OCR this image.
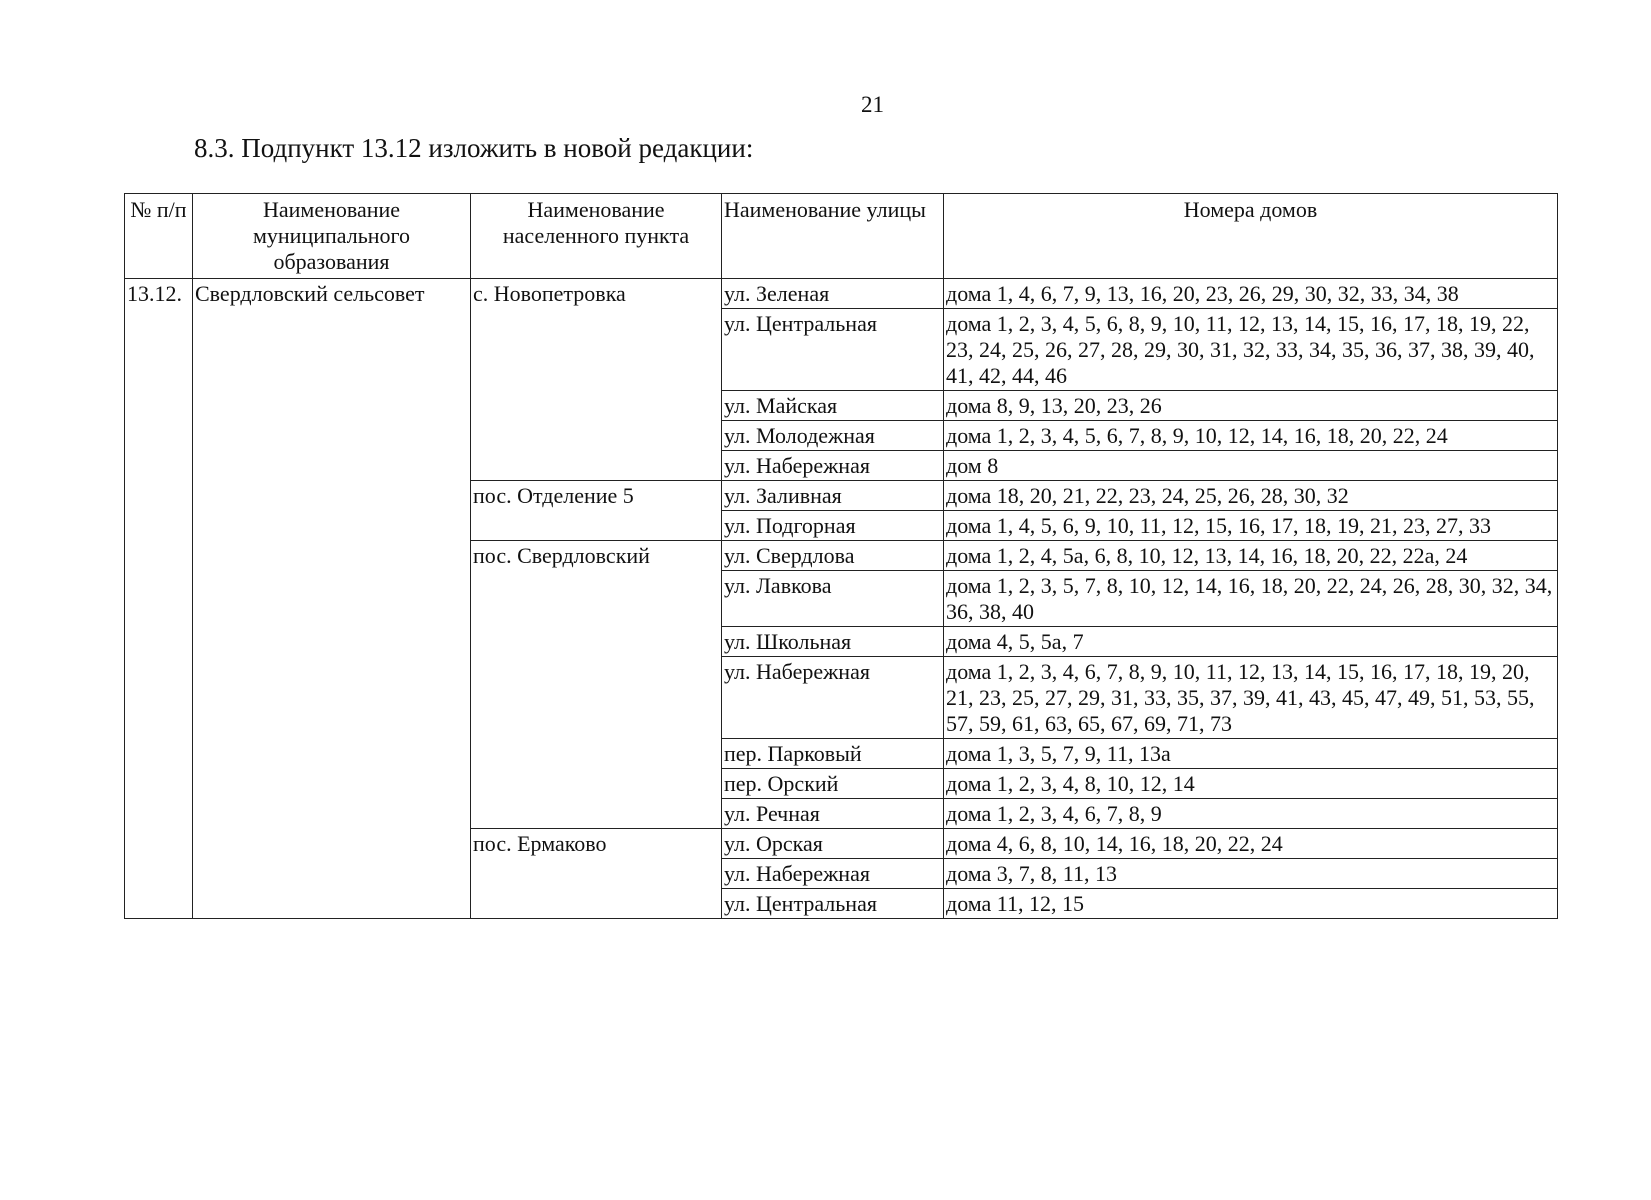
21
8.3. Подпункт 13.12 изложить в новой редакции:
№ п/п	Наименование муниципального образования	Наименование населенного пункта	Наименование улицы	Номера домов
13.12.	Свердловский сельсовет	с. Новопетровка	ул. Зеленая	дома 1, 4, 6, 7, 9, 13, 16, 20, 23, 26, 29, 30, 32, 33, 34, 38
			ул. Центральная	дома 1, 2, 3, 4, 5, 6, 8, 9, 10, 11, 12, 13, 14, 15, 16, 17, 18, 19, 22, 23, 24, 25, 26, 27, 28, 29, 30, 31, 32, 33, 34, 35, 36, 37, 38, 39, 40, 41, 42, 44, 46
			ул. Майская	дома 8, 9, 13, 20, 23, 26
			ул. Молодежная	дома 1, 2, 3, 4, 5, 6, 7, 8, 9, 10, 12, 14, 16, 18, 20, 22, 24
			ул. Набережная	дом 8
		пос. Отделение 5	ул. Заливная	дома 18, 20, 21, 22, 23, 24, 25, 26, 28, 30, 32
			ул. Подгорная	дома 1, 4, 5, 6, 9, 10, 11, 12, 15, 16, 17, 18, 19, 21, 23, 27, 33
		пос. Свердловский	ул. Свердлова	дома 1, 2, 4, 5а, 6, 8, 10, 12, 13, 14, 16, 18, 20, 22, 22а, 24
			ул. Лавкова	дома 1, 2, 3, 5, 7, 8, 10, 12, 14, 16, 18, 20, 22, 24, 26, 28, 30, 32, 34, 36, 38, 40
			ул. Школьная	дома 4, 5, 5а, 7
			ул. Набережная	дома 1, 2, 3, 4, 6, 7, 8, 9, 10, 11, 12, 13, 14, 15, 16, 17, 18, 19, 20, 21, 23, 25, 27, 29, 31, 33, 35, 37, 39, 41, 43, 45, 47, 49, 51, 53, 55, 57, 59, 61, 63, 65, 67, 69, 71, 73
			пер. Парковый	дома 1, 3, 5, 7, 9, 11, 13а
			пер. Орский	дома 1, 2, 3, 4, 8, 10, 12, 14
			ул. Речная	дома 1, 2, 3, 4, 6, 7, 8, 9
		пос. Ермаково	ул. Орская	дома 4, 6, 8, 10, 14, 16, 18, 20, 22, 24
			ул. Набережная	дома 3, 7, 8, 11, 13
			ул. Центральная	дома 11, 12, 15
